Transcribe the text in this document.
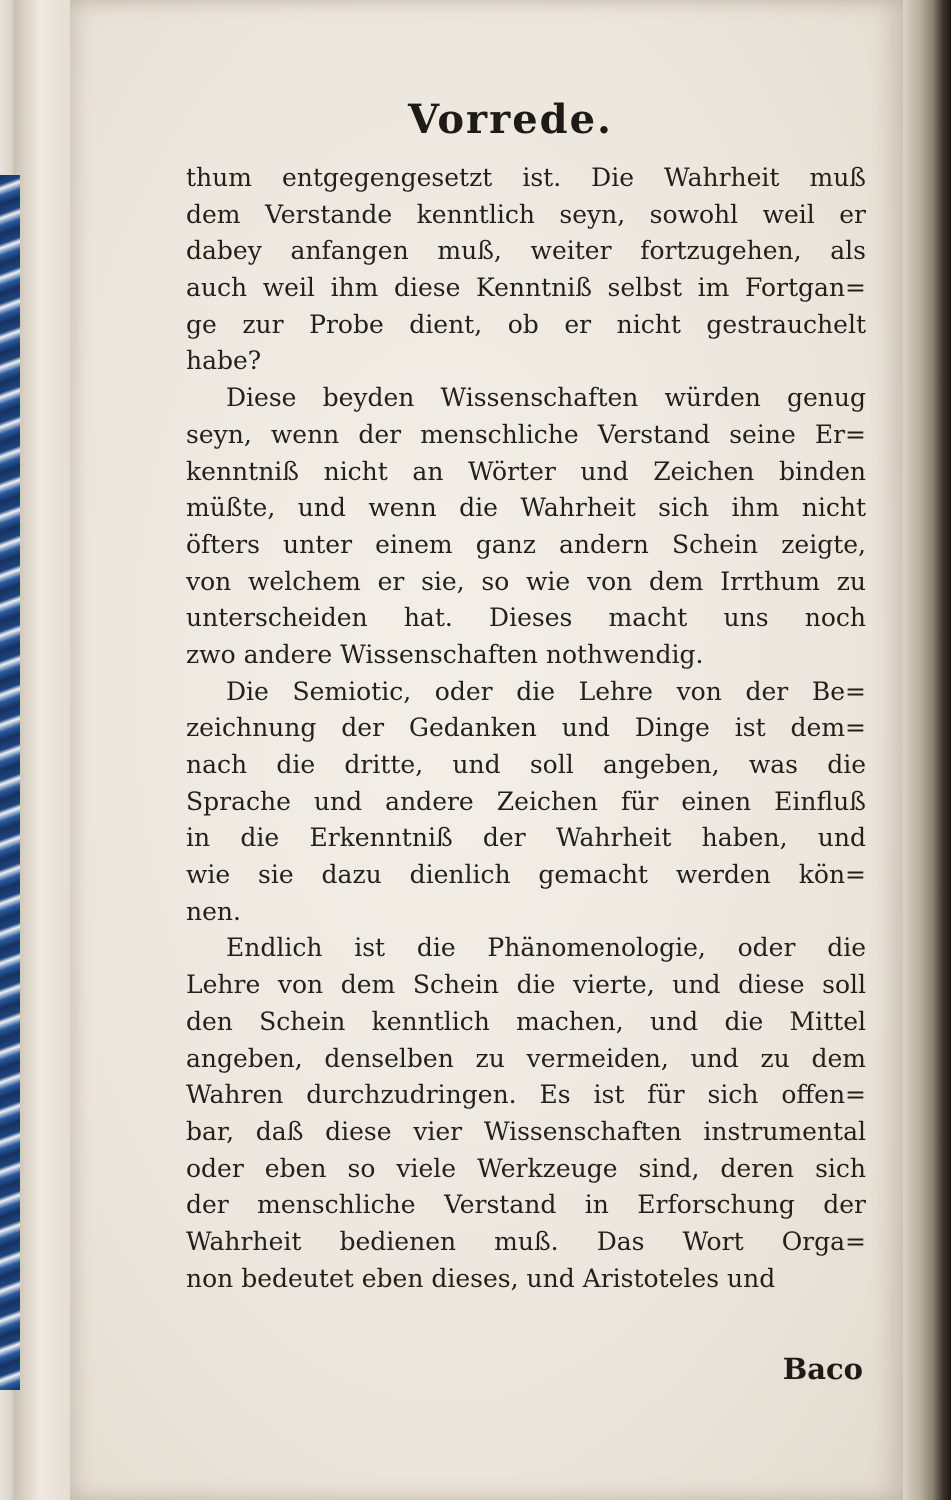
Vorrede.
thum entgegengesetzt ist. Die Wahrheit muß
dem Verstande kenntlich seyn, sowohl weil er
dabey anfangen muß, weiter fortzugehen, als
auch weil ihm diese Kenntniß selbst im Fortgan=
ge zur Probe dient, ob er nicht gestrauchelt
habe?
Diese beyden Wissenschaften würden genug
seyn, wenn der menschliche Verstand seine Er=
kenntniß nicht an Wörter und Zeichen binden
müßte, und wenn die Wahrheit sich ihm nicht
öfters unter einem ganz andern Schein zeigte,
von welchem er sie, so wie von dem Irrthum zu
unterscheiden hat. Dieses macht uns noch
zwo andere Wissenschaften nothwendig.
Die Semiotic, oder die Lehre von der Be=
zeichnung der Gedanken und Dinge ist dem=
nach die dritte, und soll angeben, was die
Sprache und andere Zeichen für einen Einfluß
in die Erkenntniß der Wahrheit haben, und
wie sie dazu dienlich gemacht werden kön=
nen.
Endlich ist die Phänomenologie, oder die
Lehre von dem Schein die vierte, und diese soll
den Schein kenntlich machen, und die Mittel
angeben, denselben zu vermeiden, und zu dem
Wahren durchzudringen. Es ist für sich offen=
bar, daß diese vier Wissenschaften instrumental
oder eben so viele Werkzeuge sind, deren sich
der menschliche Verstand in Erforschung der
Wahrheit bedienen muß. Das Wort Orga=
non bedeutet eben dieses, und Aristoteles und
Baco
